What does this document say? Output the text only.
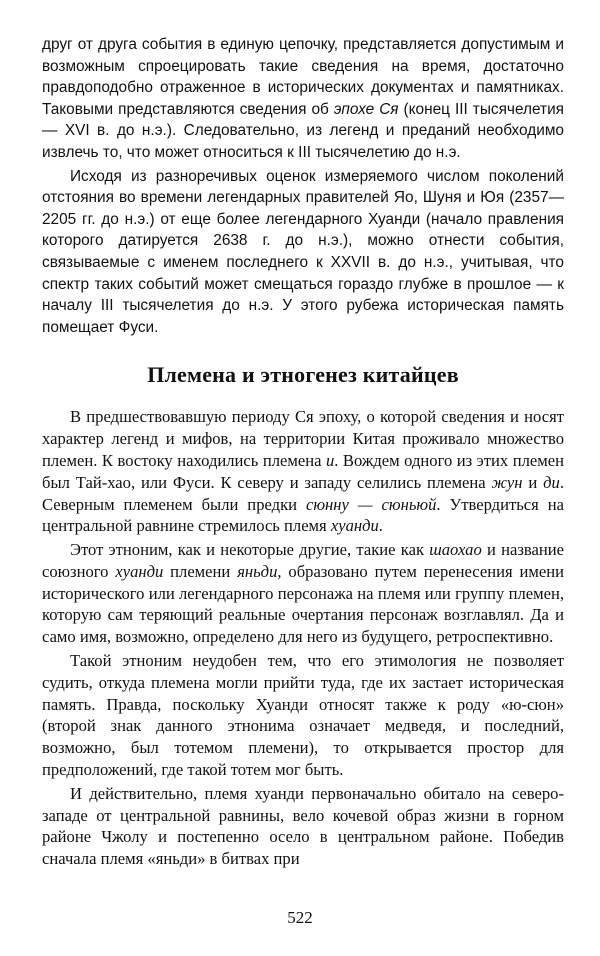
друг от друга события в единую цепочку, представляется допустимым и возможным спроецировать такие сведения на время, достаточно правдоподобно отраженное в исторических документах и памятниках. Таковыми представляются сведения об эпохе Ся (конец III тысячелетия — XVI в. до н.э.). Следовательно, из легенд и преданий необходимо извлечь то, что может относиться к III тысячелетию до н.э.

Исходя из разноречивых оценок измеряемого числом поколений отстояния во времени легендарных правителей Яо, Шуня и Юя (2357—2205 гг. до н.э.) от еще более легендарного Хуанди (начало правления которого датируется 2638 г. до н.э.), можно отнести события, связываемые с именем последнего к XXVII в. до н.э., учитывая, что спектр таких событий может смещаться гораздо глубже в прошлое — к началу III тысячелетия до н.э. У этого рубежа историческая память помещает Фуси.

Племена и этногенез китайцев

В предшествовавшую периоду Ся эпоху, о которой сведения и носят характер легенд и мифов, на территории Китая проживало множество племен. К востоку находились племена и. Вождем одного из этих племен был Тай-хао, или Фуси. К северу и западу селились племена жун и ди. Северным племенем были предки сюнну — сюньюй. Утвердиться на центральной равнине стремилось племя хуанди.

Этот этноним, как и некоторые другие, такие как шаохао и название союзного хуанди племени яньди, образовано путем перенесения имени исторического или легендарного персонажа на племя или группу племен, которую сам теряющий реальные очертания персонаж возглавлял. Да и само имя, возможно, определено для него из будущего, ретроспективно.

Такой этноним неудобен тем, что его этимология не позволяет судить, откуда племена могли прийти туда, где их застает историческая память. Правда, поскольку Хуанди относят также к роду «ю-сюн» (второй знак данного этнонима означает медведя, и последний, возможно, был тотемом племени), то открывается простор для предположений, где такой тотем мог быть.

И действительно, племя хуанди первоначально обитало на северо-западе от центральной равнины, вело кочевой образ жизни в горном районе Чжолу и постепенно осело в центральном районе. Победив сначала племя «яньди» в битвах при

522
